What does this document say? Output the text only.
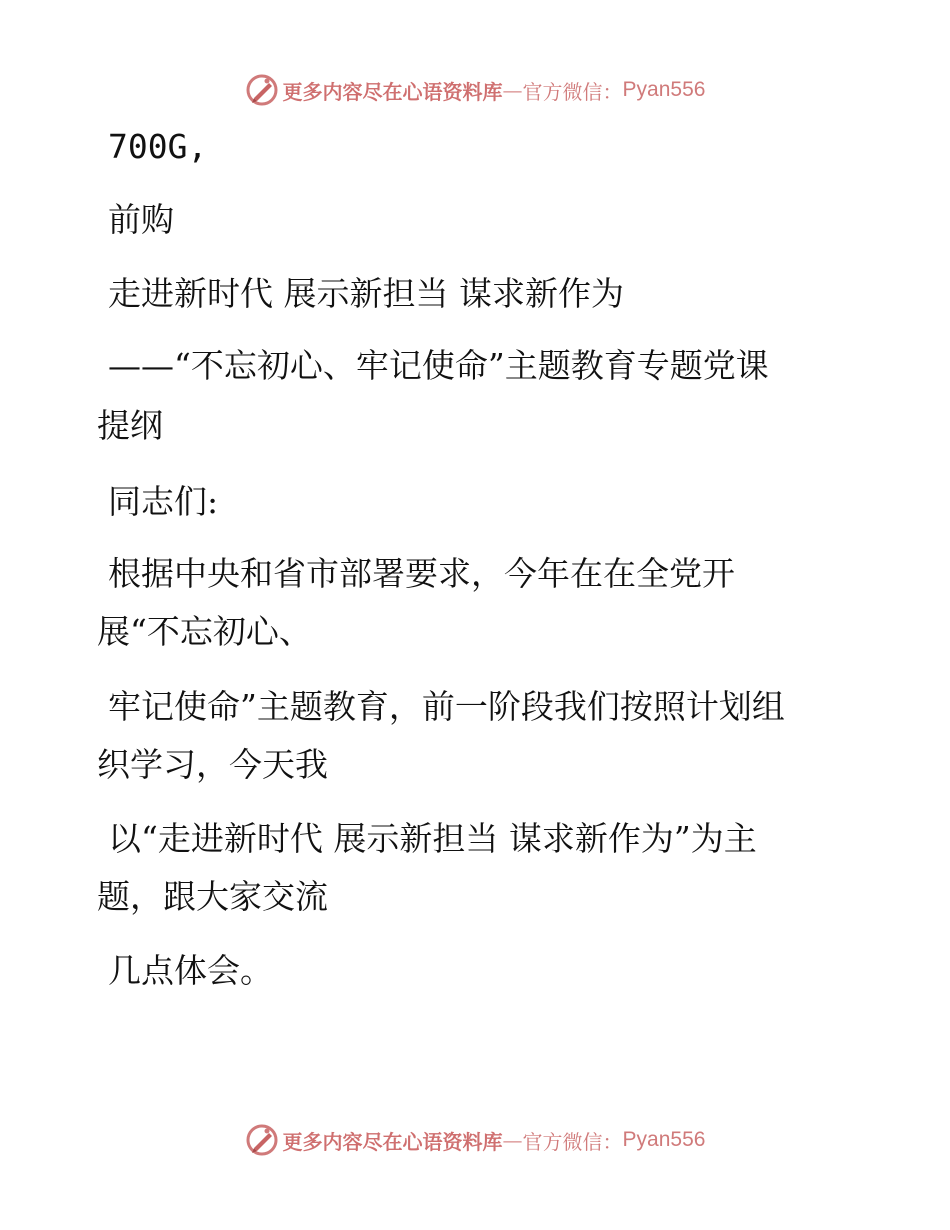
更多内容尽在心语资料库 — 官方微信： Pyan556
700G,
前购
走进新时代 展示新担当 谋求新作为
——“不忘初心、牢记使命”主题教育专题党课
提纲
同志们:
根据中央和省市部署要求，今年在在全党开
展“不忘初心、
牢记使命”主题教育，前一阶段我们按照计划组
织学习，今天我
以“走进新时代 展示新担当 谋求新作为”为主
题，跟大家交流
几点体会。
更多内容尽在心语资料库 — 官方微信： Pyan556
